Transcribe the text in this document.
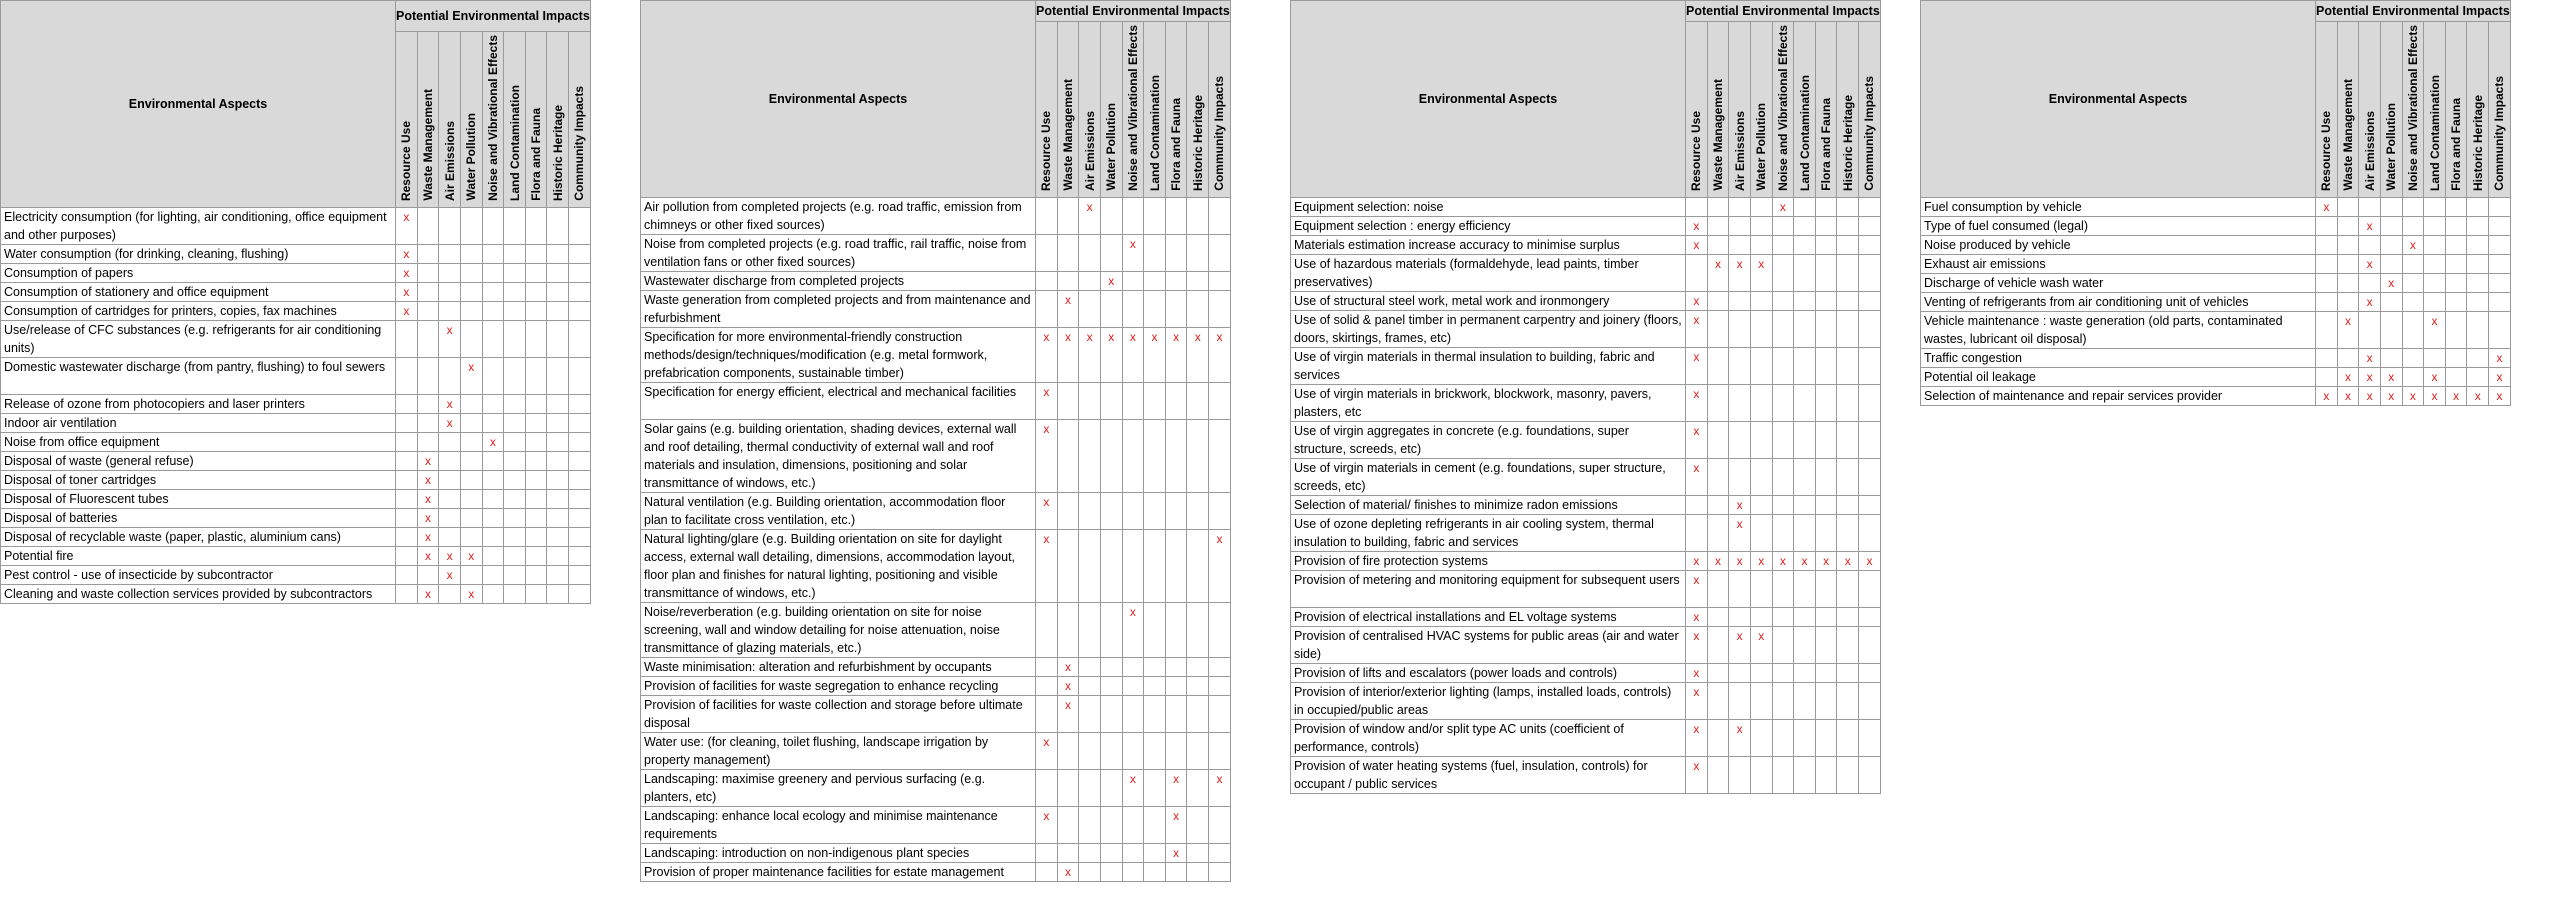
Environmental Aspects	Potential Environmental Impacts								

	Resource Use	Waste Management	Air Emissions	Water Pollution	Noise and Vibrational Effects	Land Contamination	Flora and Fauna	Historic Heritage	Community Impacts

Electricity consumption (for lighting, air conditioning, office equipment and other purposes)	x								
Water consumption (for drinking, cleaning, flushing)	x								
Consumption of papers	x								
Consumption of stationery and office equipment	x								
Consumption of cartridges for printers, copies, fax machines	x								
Use/release of CFC substances (e.g. refrigerants for air conditioning units)			x						
Domestic wastewater discharge (from pantry, flushing) to foul sewers				x					
Release of ozone from photocopiers and laser printers			x						
Indoor air ventilation			x						
Noise from office equipment					x				
Disposal of waste (general refuse)		x							
Disposal of toner cartridges		x							
Disposal of Fluorescent tubes		x							
Disposal of batteries		x							
Disposal of recyclable waste (paper, plastic, aluminium cans)		x							
Potential fire		x	x	x					
Pest control - use of insecticide by subcontractor			x						
Cleaning and waste collection services provided by subcontractors		x		x					
Environmental Aspects	Potential Environmental Impacts								

	Resource Use	Waste Management	Air Emissions	Water Pollution	Noise and Vibrational Effects	Land Contamination	Flora and Fauna	Historic Heritage	Community Impacts

Air pollution from completed projects (e.g. road traffic, emission from chimneys or other fixed sources)			x						
Noise from completed projects (e.g. road traffic, rail traffic, noise from ventilation fans or other fixed sources)					x				
Wastewater discharge from completed projects				x					
Waste generation from completed projects and from maintenance and refurbishment		x							
Specification for more environmental-friendly construction methods/design/techniques/modification (e.g. metal formwork, prefabrication components, sustainable timber)	x	x	x	x	x	x	x	x	x
Specification for energy efficient, electrical and mechanical facilities	x								
Solar gains (e.g. building orientation, shading devices, external wall and roof detailing, thermal conductivity of external wall and roof materials and insulation, dimensions, positioning and solar transmittance of windows, etc.)	x								
Natural ventilation (e.g. Building orientation, accommodation floor plan to facilitate cross ventilation, etc.)	x								
Natural lighting/glare (e.g. Building orientation on site for daylight access, external wall detailing, dimensions, accommodation layout, floor plan and finishes for natural lighting, positioning and visible transmittance of windows, etc.)	x								x
Noise/reverberation (e.g. building orientation on site for noise screening, wall and window detailing for noise attenuation, noise transmittance of glazing materials, etc.)					x				
Waste minimisation: alteration and refurbishment by occupants		x							
Provision of facilities for waste segregation to enhance recycling		x							
Provision of facilities for waste collection and storage before ultimate disposal		x							
Water use: (for cleaning, toilet flushing, landscape irrigation by property management)	x								
Landscaping: maximise greenery and pervious surfacing (e.g. planters, etc)					x		x		x
Landscaping: enhance local ecology and minimise maintenance requirements	x						x		
Landscaping: introduction on non-indigenous plant species							x		
Provision of proper maintenance facilities for estate management		x							
Environmental Aspects	Potential Environmental Impacts								

	Resource Use	Waste Management	Air Emissions	Water Pollution	Noise and Vibrational Effects	Land Contamination	Flora and Fauna	Historic Heritage	Community Impacts

Equipment selection: noise					x				
Equipment selection : energy efficiency	x								
Materials estimation increase accuracy to minimise surplus	x								
Use of hazardous materials (formaldehyde, lead paints, timber preservatives)		x	x	x					
Use of structural steel work, metal work and ironmongery	x								
Use of solid & panel timber in permanent carpentry and joinery (floors, doors, skirtings, frames, etc)	x								
Use of virgin materials in thermal insulation to building, fabric and services	x								
Use of virgin materials in brickwork, blockwork, masonry, pavers, plasters, etc	x								
Use of virgin aggregates in concrete (e.g. foundations, super structure, screeds, etc)	x								
Use of virgin materials in cement (e.g. foundations, super structure, screeds, etc)	x								
Selection of material/ finishes to minimize radon emissions			x						
Use of ozone depleting refrigerants in air cooling system, thermal insulation to building, fabric and services			x						
Provision of fire protection systems	x	x	x	x	x	x	x	x	x
Provision of metering and monitoring equipment for subsequent users	x								
Provision of electrical installations and EL voltage systems	x								
Provision of centralised HVAC systems for public areas (air and water side)	x		x	x					
Provision of lifts and escalators (power loads and controls)	x								
Provision of interior/exterior lighting (lamps, installed loads, controls) in occupied/public areas	x								
Provision of window and/or split type AC units (coefficient of performance, controls)	x		x						
Provision of water heating systems (fuel, insulation, controls) for occupant / public services	x								
Environmental Aspects	Potential Environmental Impacts								

	Resource Use	Waste Management	Air Emissions	Water Pollution	Noise and Vibrational Effects	Land Contamination	Flora and Fauna	Historic Heritage	Community Impacts

Fuel consumption by vehicle	x								
Type of fuel consumed (legal)			x						
Noise produced by vehicle					x				
Exhaust air emissions			x						
Discharge of vehicle wash water				x					
Venting of refrigerants from air conditioning unit of vehicles			x						
Vehicle maintenance : waste generation (old parts, contaminated wastes, lubricant oil disposal)		x				x			
Traffic congestion			x						x
Potential oil leakage		x	x	x		x			x
Selection of maintenance and repair services provider	x	x	x	x	x	x	x	x	x
